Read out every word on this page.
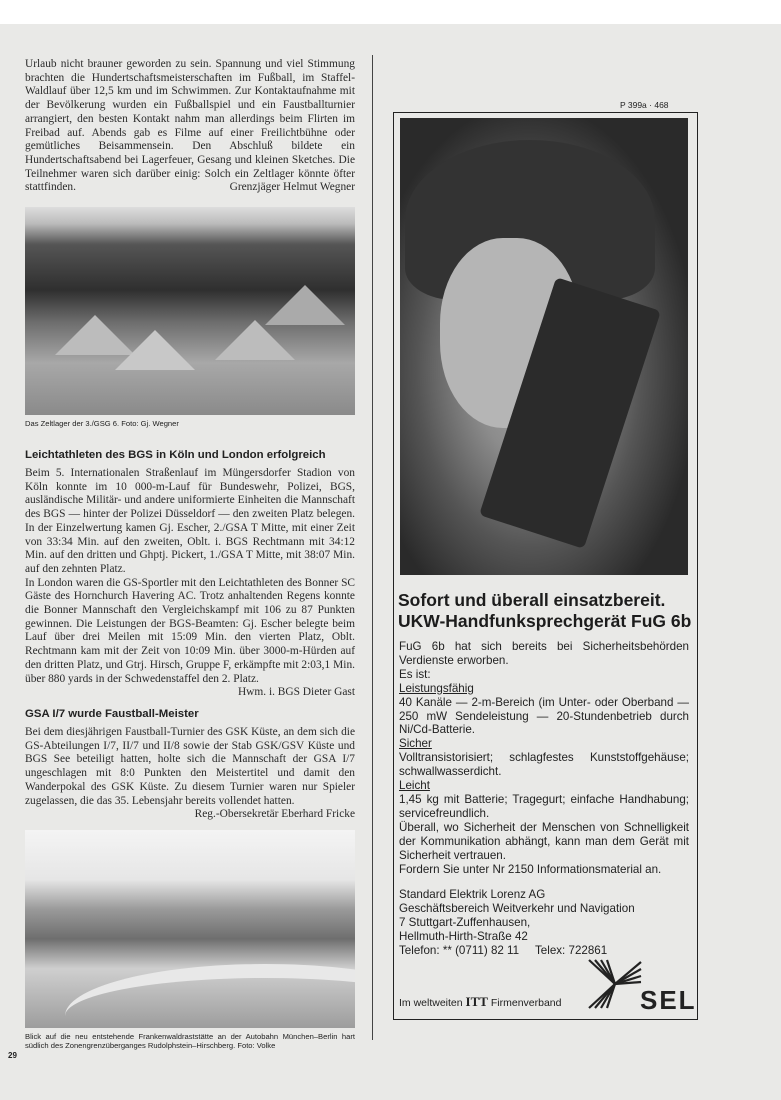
Urlaub nicht brauner geworden zu sein. Spannung und viel Stimmung brachten die Hundertschaftsmeisterschaften im Fußball, im Staffel-Waldlauf über 12,5 km und im Schwimmen. Zur Kontaktaufnahme mit der Bevölkerung wurden ein Fußballspiel und ein Faustballturnier arrangiert, den besten Kontakt nahm man allerdings beim Flirten im Freibad auf. Abends gab es Filme auf einer Freilichtbühne oder gemütliches Beisammensein. Den Abschluß bildete ein Hundertschaftsabend bei Lagerfeuer, Gesang und kleinen Sketches. Die Teilnehmer waren sich darüber einig: Solch ein Zeltlager könnte öfter stattfinden.	Grenzjäger Helmut Wegner
Das Zeltlager der 3./GSG 6. Foto: Gj. Wegner
Leichtathleten des BGS in Köln und London erfolgreich
Beim 5. Internationalen Straßenlauf im Müngersdorfer Stadion von Köln konnte im 10 000-m-Lauf für Bundeswehr, Polizei, BGS, ausländische Militär- und andere uniformierte Einheiten die Mannschaft des BGS — hinter der Polizei Düsseldorf — den zweiten Platz belegen. In der Einzelwertung kamen Gj. Escher, 2./GSA T Mitte, mit einer Zeit von 33:34 Min. auf den zweiten, Oblt. i. BGS Rechtmann mit 34:12 Min. auf den dritten und Ghptj. Pickert, 1./GSA T Mitte, mit 38:07 Min. auf den zehnten Platz.
In London waren die GS-Sportler mit den Leichtathleten des Bonner SC Gäste des Hornchurch Havering AC. Trotz anhaltenden Regens konnte die Bonner Mannschaft den Vergleichskampf mit 106 zu 87 Punkten gewinnen. Die Leistungen der BGS-Beamten: Gj. Escher belegte beim Lauf über drei Meilen mit 15:09 Min. den vierten Platz, Oblt. Rechtmann kam mit der Zeit von 10:09 Min. über 3000-m-Hürden auf den dritten Platz, und Gtrj. Hirsch, Gruppe F, erkämpfte mit 2:03,1 Min. über 880 yards in der Schwedenstaffel den 2. Platz.
Hwm. i. BGS Dieter Gast
GSA I/7 wurde Faustball-Meister
Bei dem diesjährigen Faustball-Turnier des GSK Küste, an dem sich die GS-Abteilungen I/7, II/7 und II/8 sowie der Stab GSK/GSV Küste und BGS See beteiligt hatten, holte sich die Mannschaft der GSA I/7 ungeschlagen mit 8:0 Punkten den Meistertitel und damit den Wanderpokal des GSK Küste. Zu diesem Turnier waren nur Spieler zugelassen, die das 35. Lebensjahr bereits vollendet hatten.
Reg.-Obersekretär Eberhard Fricke
Blick auf die neu entstehende Frankenwaldraststätte an der Autobahn München–Berlin hart südlich des Zonengrenzüberganges Rudolphstein–Hirschberg. Foto: Volke
29
P 399a · 468
Sofort und überall einsatzbereit.
UKW-Handfunksprechgerät FuG 6b

FuG 6b hat sich bereits bei Sicherheitsbehörden Verdienste erworben.

Es ist:

Leistungsfähig

40 Kanäle — 2-m-Bereich (im Unter- oder Oberband — 250 mW Sendeleistung — 20-Stundenbetrieb durch Ni/Cd-Batterie.

Sicher

Volltransistorisiert; schlagfestes Kunststoffgehäuse; schwallwasserdicht.

Leicht

1,45 kg mit Batterie; Tragegurt; einfache Handhabung; servicefreundlich.

Überall, wo Sicherheit der Menschen von Schnelligkeit der Kommunikation abhängt, kann man dem Gerät mit Sicherheit vertrauen.

Fordern Sie unter Nr 2150 Informationsmaterial an.

Standard Elektrik Lorenz AG

Geschäftsbereich Weitverkehr und Navigation

7 Stuttgart-Zuffenhausen,

Hellmuth-Hirth-Straße 42

Telefon: ** (0711) 82 11     Telex: 722861

Im weltweiten ITT Firmenverband	SEL
